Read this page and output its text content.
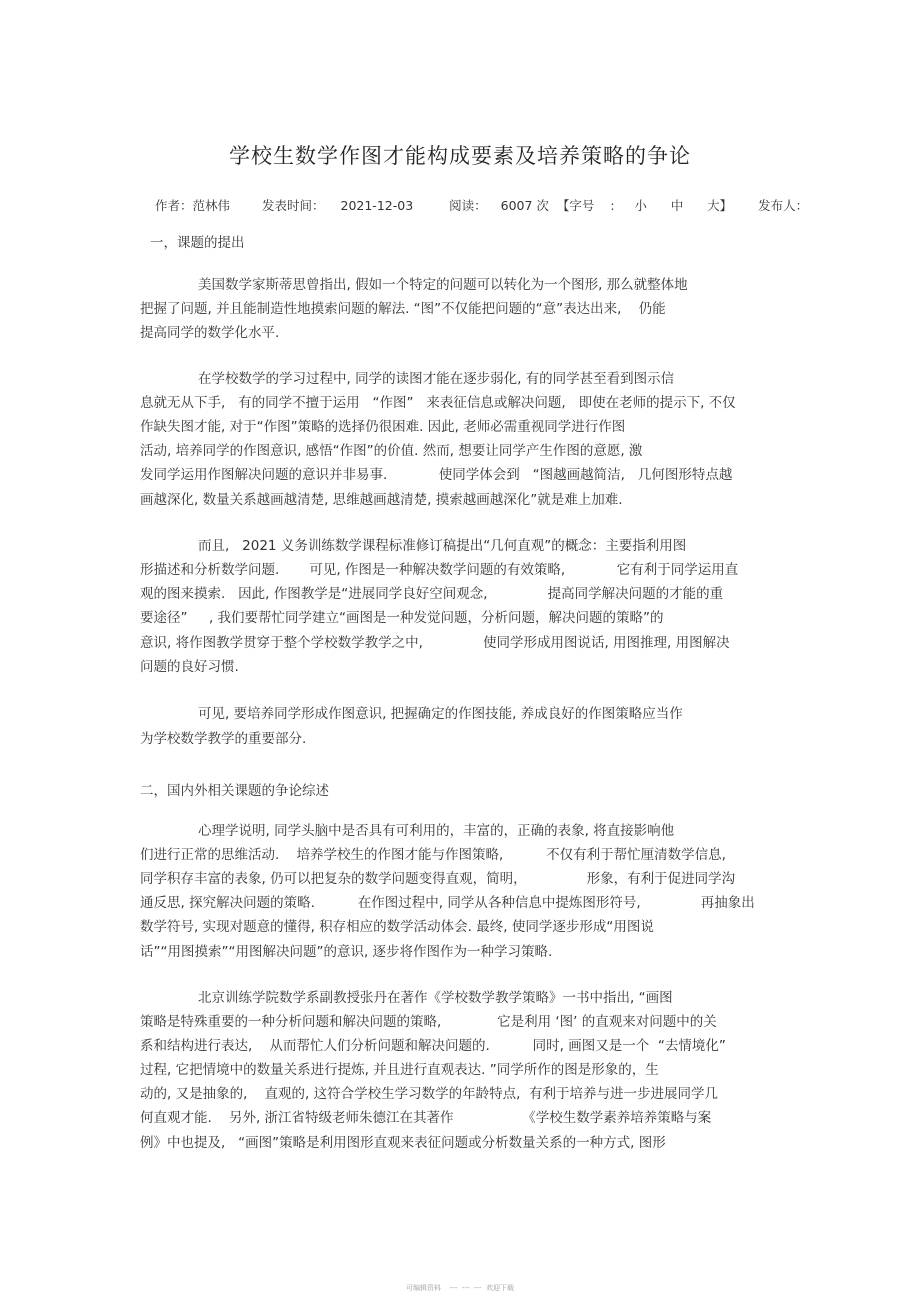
学校生数学作图才能构成要素及培养策略的争论
作者：范林伟	发表时间： 2021-12-03	阅读： 6007 次 【字号    :     小      中      大】 发布人：
一，课题的提出
美国数学家斯蒂思曾指出, 假如一个特定的问题可以转化为一个图形, 那么就整体地
把握了问题, 并且能制造性地摸索问题的解法. “图”不仅能把问题的“意”表达出来,    仍能
提高同学的数学化水平.
在学校数学的学习过程中, 同学的读图才能在逐步弱化, 有的同学甚至看到图示信
息就无从下手,   有的同学不擅于运用   “作图”   来表征信息或解决问题,   即使在老师的提示下, 不仅
作缺失图才能, 对于“作图”策略的选择仍很困难. 因此, 老师必需重视同学进行作图
活动, 培养同学的作图意识, 感悟“作图”的价值. 然而, 想要让同学产生作图的意愿, 激
发同学运用作图解决问题的意识并非易事.            使同学体会到   “图越画越简洁,   几何图形特点越
画越深化, 数量关系越画越清楚, 思维越画越清楚, 摸索越画越深化”就是难上加难.
而且,   2021 义务训练数学课程标准修订稿提出“几何直观”的概念：主要指利用图
形描述和分析数学问题.       可见, 作图是一种解决数学问题的有效策略,            它有利于同学运用直
观的图来摸索.   因此, 作图教学是“进展同学良好空间观念,              提高同学解决问题的才能的重
要途径”     , 我们要帮忙同学建立“画图是一种发觉问题，分析问题，解决问题的策略”的
意识, 将作图教学贯穿于整个学校数学教学之中,              使同学形成用图说话, 用图推理, 用图解决
问题的良好习惯.
可见, 要培养同学形成作图意识, 把握确定的作图技能, 养成良好的作图策略应当作
为学校数学教学的重要部分.
二，国内外相关课题的争论综述
心理学说明, 同学头脑中是否具有可利用的，丰富的，正确的表象, 将直接影响他
们进行正常的思维活动.    培养学校生的作图才能与作图策略,          不仅有利于帮忙厘清数学信息,
同学积存丰富的表象, 仍可以把复杂的数学问题变得直观，简明，              形象，有利于促进同学沟
通反思, 探究解决问题的策略.          在作图过程中, 同学从各种信息中提炼图形符号,              再抽象出
数学符号, 实现对题意的懂得, 积存相应的数学活动体会. 最终, 使同学逐步形成“用图说
话”“用图摸索”“用图解决问题”的意识, 逐步将作图作为一种学习策略.
北京训练学院数学系副教授张丹在著作《学校数学教学策略》一书中指出, “画图
策略是特殊重要的一种分析问题和解决问题的策略,             它是利用 ‘图’ 的直观来对问题中的关
系和结构进行表达,    从而帮忙人们分析问题和解决问题的.          同时, 画图又是一个  “去情境化”
过程, 它把情境中的数量关系进行提炼, 并且进行直观表达. ”同学所作的图是形象的，生
动的, 又是抽象的,    直观的, 这符合学校生学习数学的年龄特点,  有利于培养与进一步进展同学几
何直观才能.    另外, 浙江省特级老师朱德江在其著作                《学校生数学素养培养策略与案
例》中也提及,   “画图”策略是利用图形直观来表征问题或分析数量关系的一种方式, 图形
可编辑资料    ---  ---  ---  欢迎下载
